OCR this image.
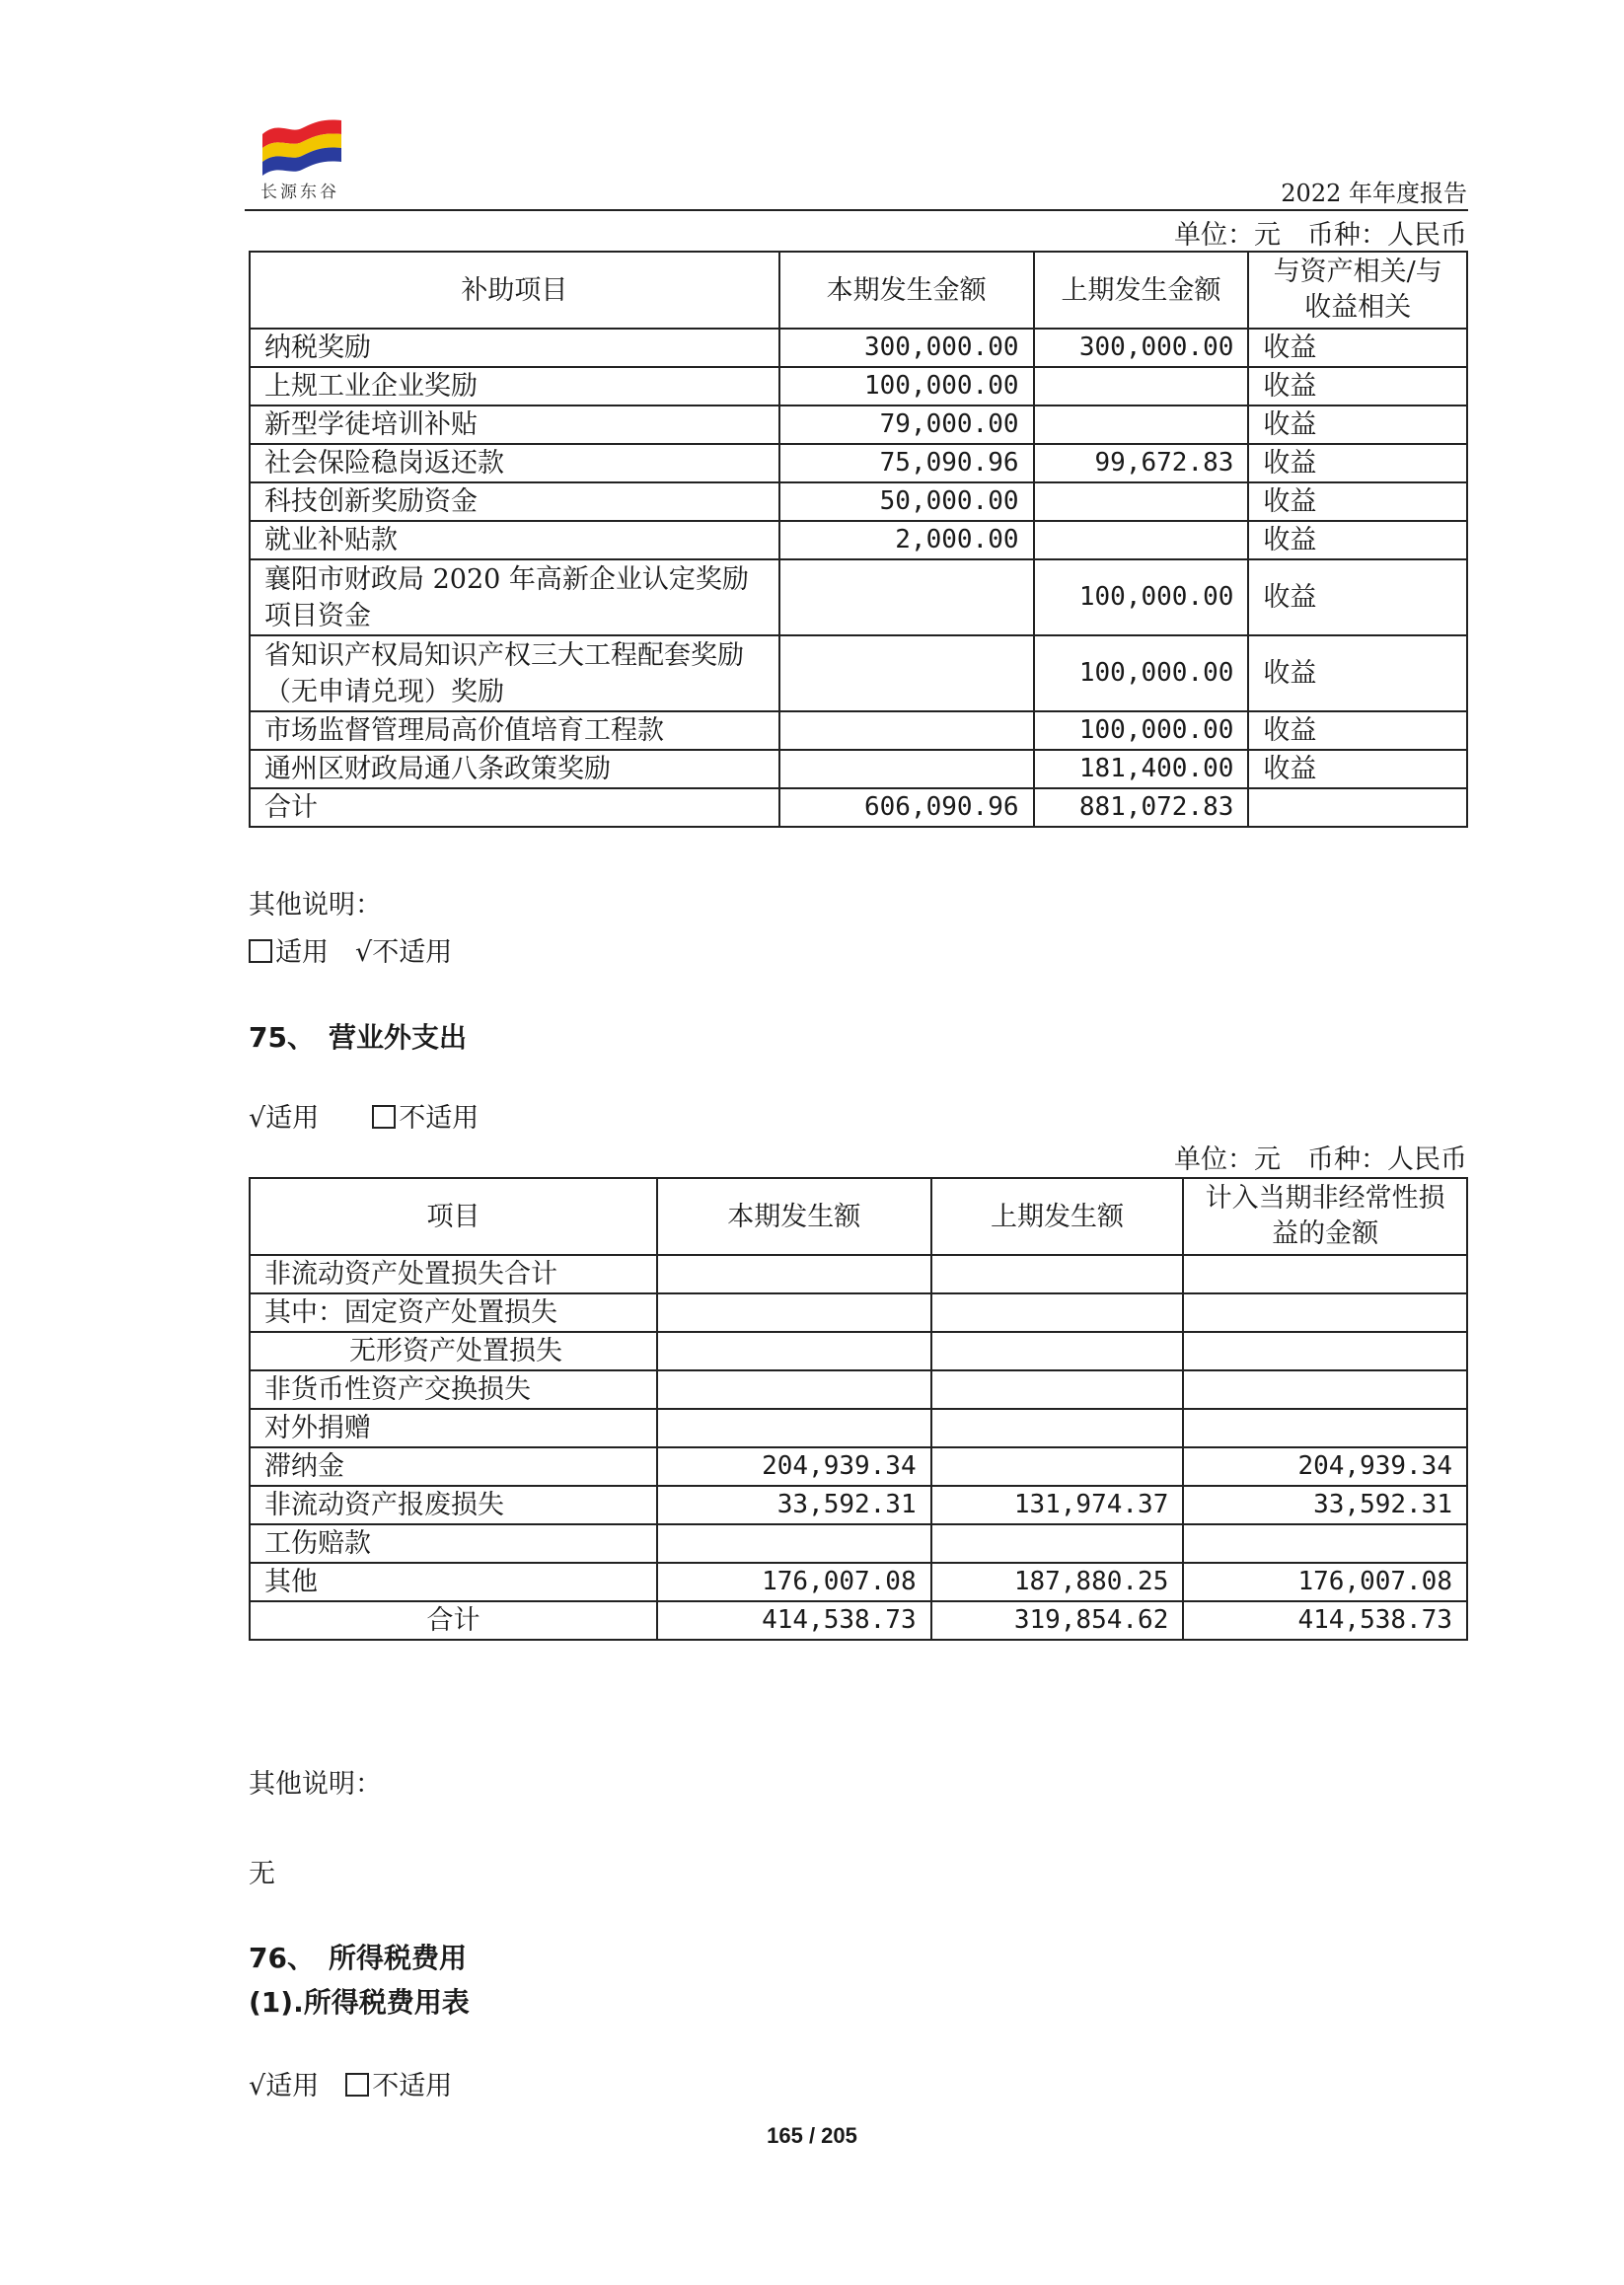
长源东谷	2022 年年度报告
单位：元　币种：人民币
补助项目	本期发生金额	上期发生金额	与资产相关/与收益相关
纳税奖励	300,000.00	300,000.00	收益
上规工业企业奖励	100,000.00		收益
新型学徒培训补贴	79,000.00		收益
社会保险稳岗返还款	75,090.96	99,672.83	收益
科技创新奖励资金	50,000.00		收益
就业补贴款	2,000.00		收益
襄阳市财政局 2020 年高新企业认定奖励项目资金		100,000.00	收益
省知识产权局知识产权三大工程配套奖励（无申请兑现）奖励		100,000.00	收益
市场监督管理局高价值培育工程款		100,000.00	收益
通州区财政局通八条政策奖励		181,400.00	收益
合计	606,090.96	881,072.83	
其他说明：
适用　 √不适用
75、　营业外支出
√适用　　	不适用
单位：元　币种：人民币
项目	本期发生额	上期发生额	计入当期非经常性损益的金额
非流动资产处置损失合计			
其中：固定资产处置损失			
无形资产处置损失			
非货币性资产交换损失			
对外捐赠			
滞纳金	204,939.34		204,939.34
非流动资产报废损失	33,592.31	131,974.37	33,592.31
工伤赔款			
其他	176,007.08	187,880.25	176,007.08
合计	414,538.73	319,854.62	414,538.73
其他说明：
无
76、　所得税费用
(1).所得税费用表
√适用　 不适用
165 / 205
